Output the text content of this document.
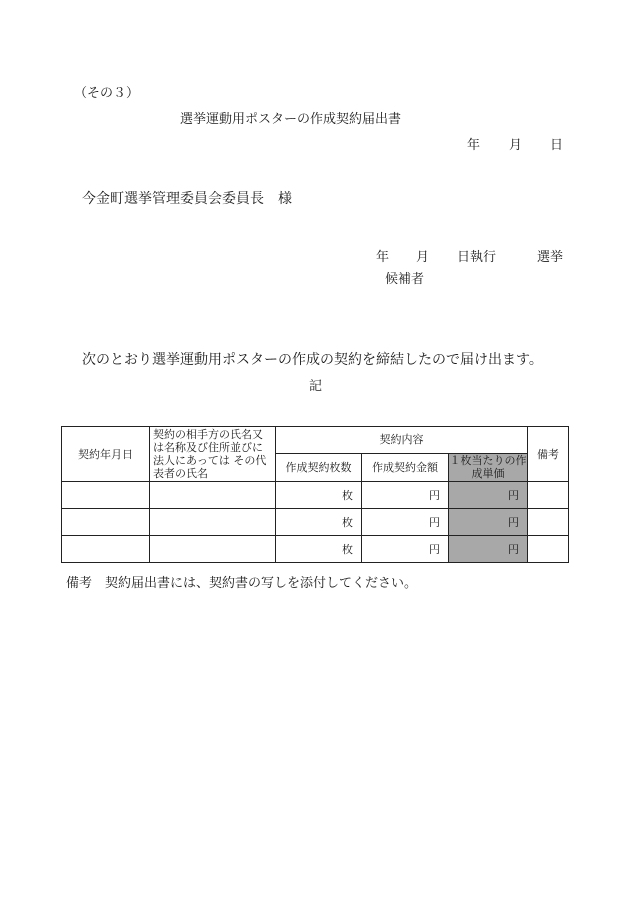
（その３）
選挙運動用ポスターの作成契約届出書
年 月 日
今金町選挙管理委員会委員長　様
年 月 日執行	選挙
候補者
次のとおり選挙運動用ポスターの作成の契約を締結したので届け出ます。
記
契約年月日	契約の相手方の氏名又は名称及び住所並びに法人にあっては その代表者の氏名	契約内容			備考
		作成契約枚数	作成契約金額	１枚当たりの作成単価	
		枚	円	円	
		枚	円	円	
		枚	円	円	
備考　契約届出書には、契約書の写しを添付してください。
